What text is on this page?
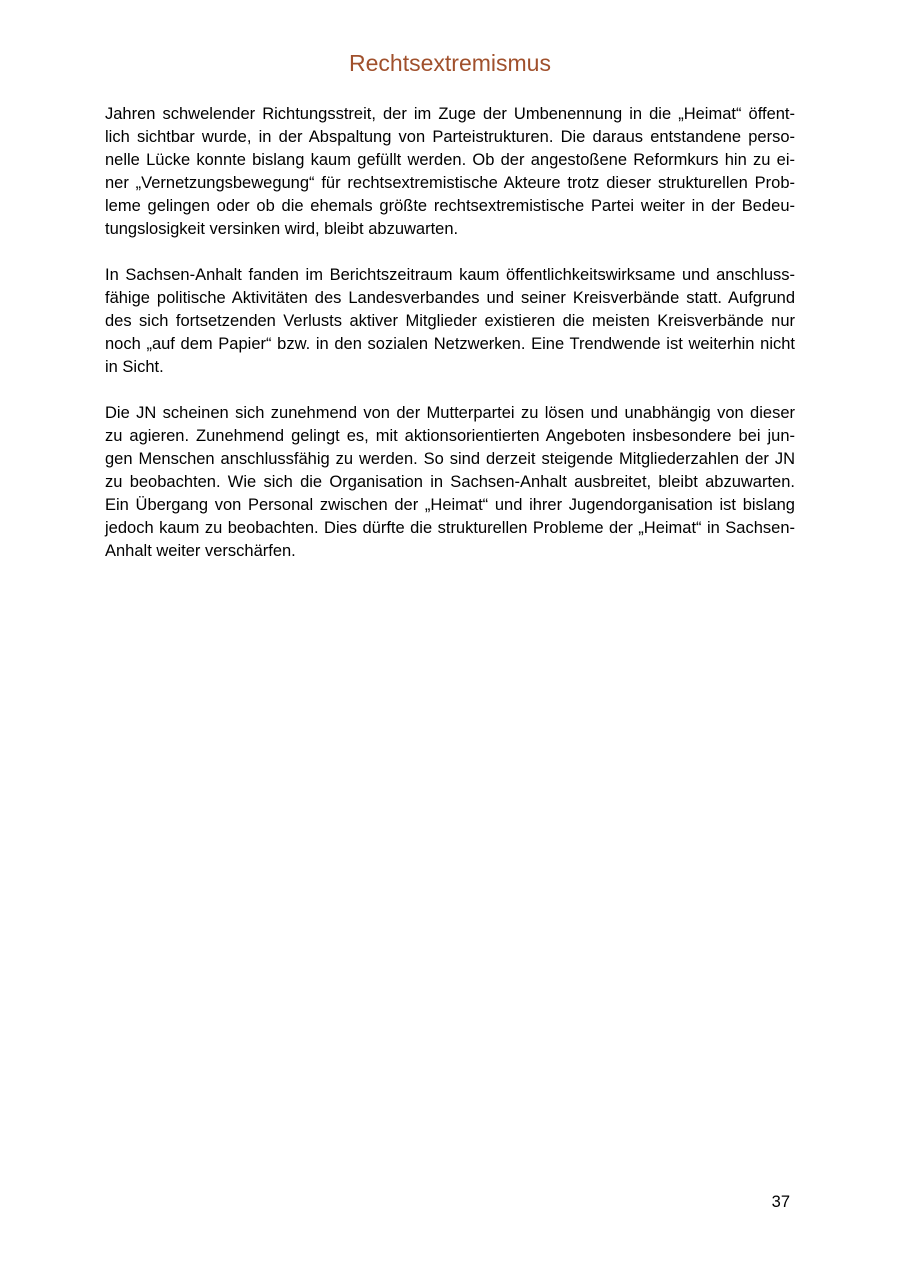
Rechtsextremismus
Jahren schwelender Richtungsstreit, der im Zuge der Umbenennung in die „Heimat“ öffent-
lich sichtbar wurde, in der Abspaltung von Parteistrukturen. Die daraus entstandene perso-
nelle Lücke konnte bislang kaum gefüllt werden. Ob der angestoßene Reformkurs hin zu ei-
ner „Vernetzungsbewegung“ für rechtsextremistische Akteure trotz dieser strukturellen Prob-
leme gelingen oder ob die ehemals größte rechtsextremistische Partei weiter in der Bedeu-
tungslosigkeit versinken wird, bleibt abzuwarten.
In Sachsen-Anhalt fanden im Berichtszeitraum kaum öffentlichkeitswirksame und anschluss-
fähige politische Aktivitäten des Landesverbandes und seiner Kreisverbände statt. Aufgrund
des sich fortsetzenden Verlusts aktiver Mitglieder existieren die meisten Kreisverbände nur
noch „auf dem Papier“ bzw. in den sozialen Netzwerken. Eine Trendwende ist weiterhin nicht
in Sicht.
Die JN scheinen sich zunehmend von der Mutterpartei zu lösen und unabhängig von dieser
zu agieren. Zunehmend gelingt es, mit aktionsorientierten Angeboten insbesondere bei jun-
gen Menschen anschlussfähig zu werden. So sind derzeit steigende Mitgliederzahlen der JN
zu beobachten. Wie sich die Organisation in Sachsen-Anhalt ausbreitet, bleibt abzuwarten.
Ein Übergang von Personal zwischen der „Heimat“ und ihrer Jugendorganisation ist bislang
jedoch kaum zu beobachten. Dies dürfte die strukturellen Probleme der „Heimat“ in Sachsen-
Anhalt weiter verschärfen.
37
